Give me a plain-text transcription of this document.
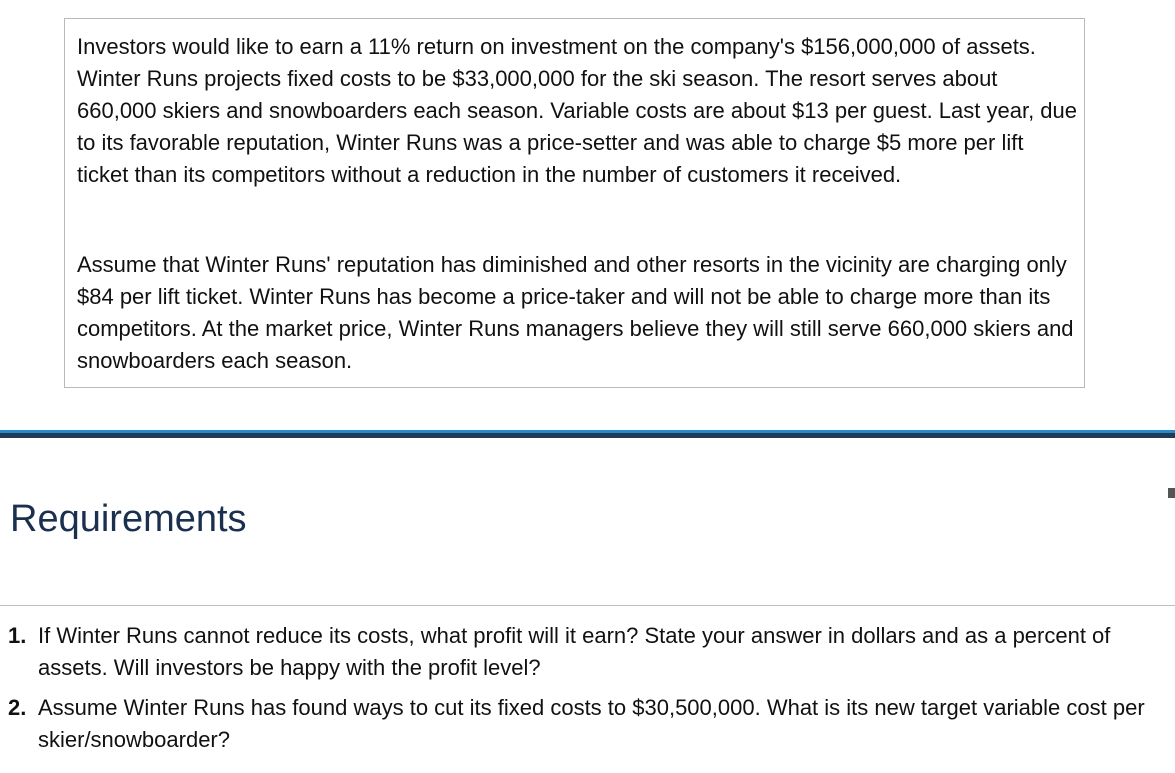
Investors would like to earn a 11% return on investment on the company's $156,000,000 of assets. Winter Runs projects fixed costs to be $33,000,000 for the ski season. The resort serves about 660,000 skiers and snowboarders each season. Variable costs are about $13 per guest. Last year, due to its favorable reputation, Winter Runs was a price-setter and was able to charge $5 more per lift ticket than its competitors without a reduction in the number of customers it received.

Assume that Winter Runs' reputation has diminished and other resorts in the vicinity are charging only $84 per lift ticket. Winter Runs has become a price-taker and will not be able to charge more than its competitors. At the market price, Winter Runs managers believe they will still serve 660,000 skiers and snowboarders each season.

Requirements
1. If Winter Runs cannot reduce its costs, what profit will it earn? State your answer in dollars and as a percent of assets. Will investors be happy with the profit level?
2. Assume Winter Runs has found ways to cut its fixed costs to $30,500,000. What is its new target variable cost per skier/snowboarder?
